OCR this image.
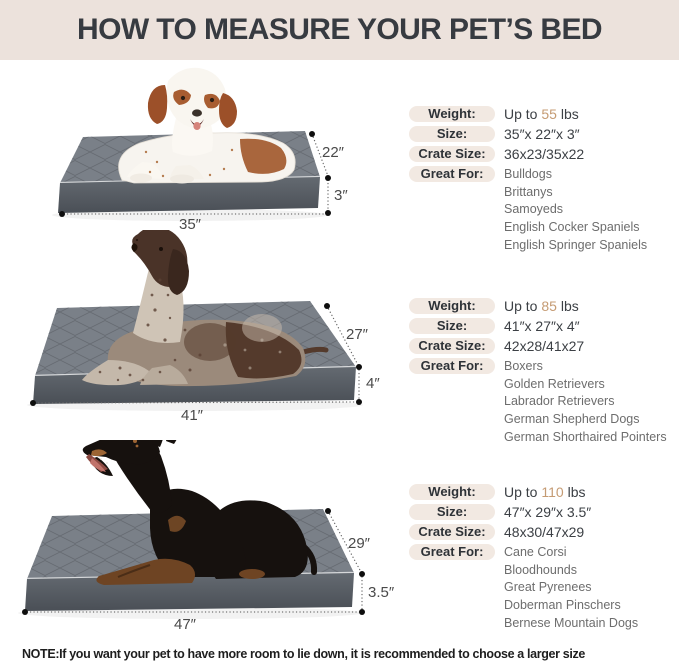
HOW TO MEASURE YOUR PET’S BED
22″
3″
35″
Weight:	Up to 55 lbs
Size:	35″x 22″x 3″
Crate Size:	36x23/35x22
Great For:	Bulldogs
Brittanys
Samoyeds
English Cocker Spaniels
English Springer Spaniels
27″
4″
41″
Weight:	Up to 85 lbs
Size:	41″x 27″x 4″
Crate Size:	42x28/41x27
Great For:	Boxers
Golden Retrievers
Labrador Retrievers
German Shepherd Dogs
German Shorthaired Pointers
29″
3.5″
47″
Weight:	Up to 110 lbs
Size:	47″x 29″x 3.5″
Crate Size:	48x30/47x29
Great For:	Cane Corsi
Bloodhounds
Great Pyrenees
Doberman Pinschers
Bernese Mountain Dogs
NOTE:If you want your pet to have more room to lie down, it is recommended to choose a larger size
